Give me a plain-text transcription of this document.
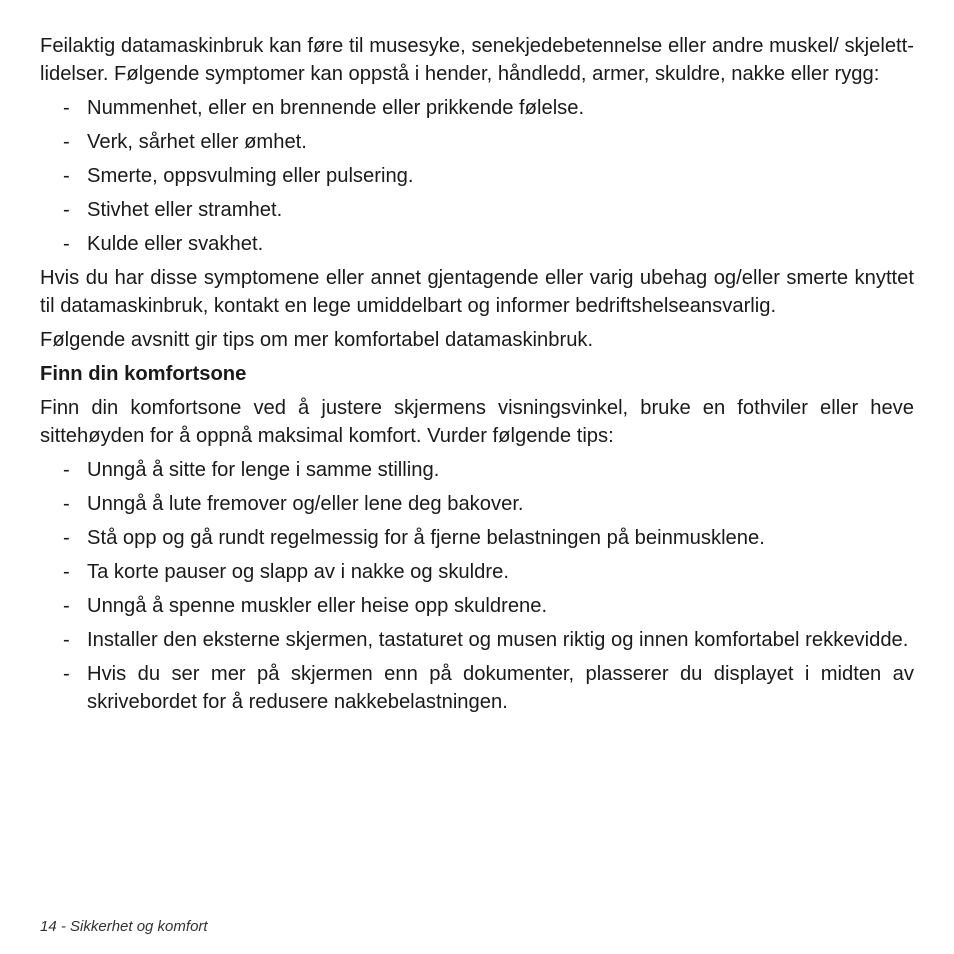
Feilaktig datamaskinbruk kan føre til musesyke, senekjedebetennelse eller andre muskel/ skjelett-lidelser. Følgende symptomer kan oppstå i hender, håndledd, armer, skuldre, nakke eller rygg:

- Nummenhet, eller en brennende eller prikkende følelse.
- Verk, sårhet eller ømhet.
- Smerte, oppsvulming eller pulsering.
- Stivhet eller stramhet.
- Kulde eller svakhet.

Hvis du har disse symptomene eller annet gjentagende eller varig ubehag og/eller smerte knyttet til datamaskinbruk, kontakt en lege umiddelbart og informer bedriftshelseansvarlig.

Følgende avsnitt gir tips om mer komfortabel datamaskinbruk.

Finn din komfortsone

Finn din komfortsone ved å justere skjermens visningsvinkel, bruke en fothviler eller heve sittehøyden for å oppnå maksimal komfort. Vurder følgende tips:

- Unngå å sitte for lenge i samme stilling.
- Unngå å lute fremover og/eller lene deg bakover.
- Stå opp og gå rundt regelmessig for å fjerne belastningen på beinmusklene.
- Ta korte pauser og slapp av i nakke og skuldre.
- Unngå å spenne muskler eller heise opp skuldrene.
- Installer den eksterne skjermen, tastaturet og musen riktig og innen komfortabel rekkevidde.
- Hvis du ser mer på skjermen enn på dokumenter, plasserer du displayet i midten av skrivebordet for å redusere nakkebelastningen.
14 - Sikkerhet og komfort
